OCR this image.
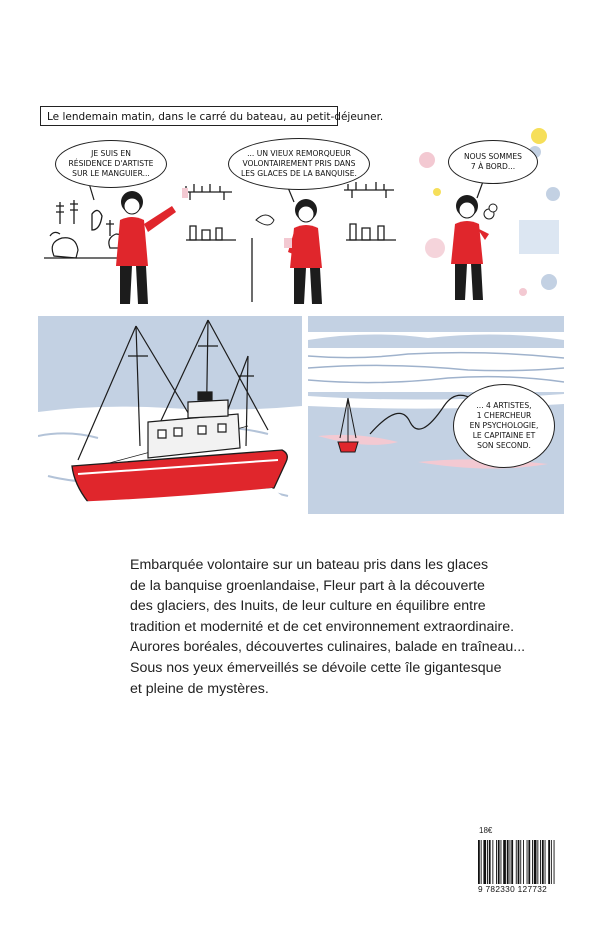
Le lendemain matin, dans le carré du bateau, au petit-déjeuner.
JE SUIS EN
RÉSIDENCE D'ARTISTE
SUR LE MANGUIER...
... UN VIEUX REMORQUEUR
VOLONTAIREMENT PRIS DANS
LES GLACES DE LA BANQUISE.
NOUS SOMMES
7 À BORD...
... 4 ARTISTES,
1 CHERCHEUR
EN PSYCHOLOGIE,
LE CAPITAINE ET
SON SECOND.
Embarquée volontaire sur un bateau pris dans les glaces
de la banquise groenlandaise, Fleur part à la découverte
des glaciers, des Inuits, de leur culture en équilibre entre
tradition et modernité et de cet environnement extraordinaire.
Aurores boréales, découvertes culinaires, balade en traîneau...
Sous nos yeux émerveillés se dévoile cette île gigantesque
et pleine de mystères.
18€
9 782330 127732
